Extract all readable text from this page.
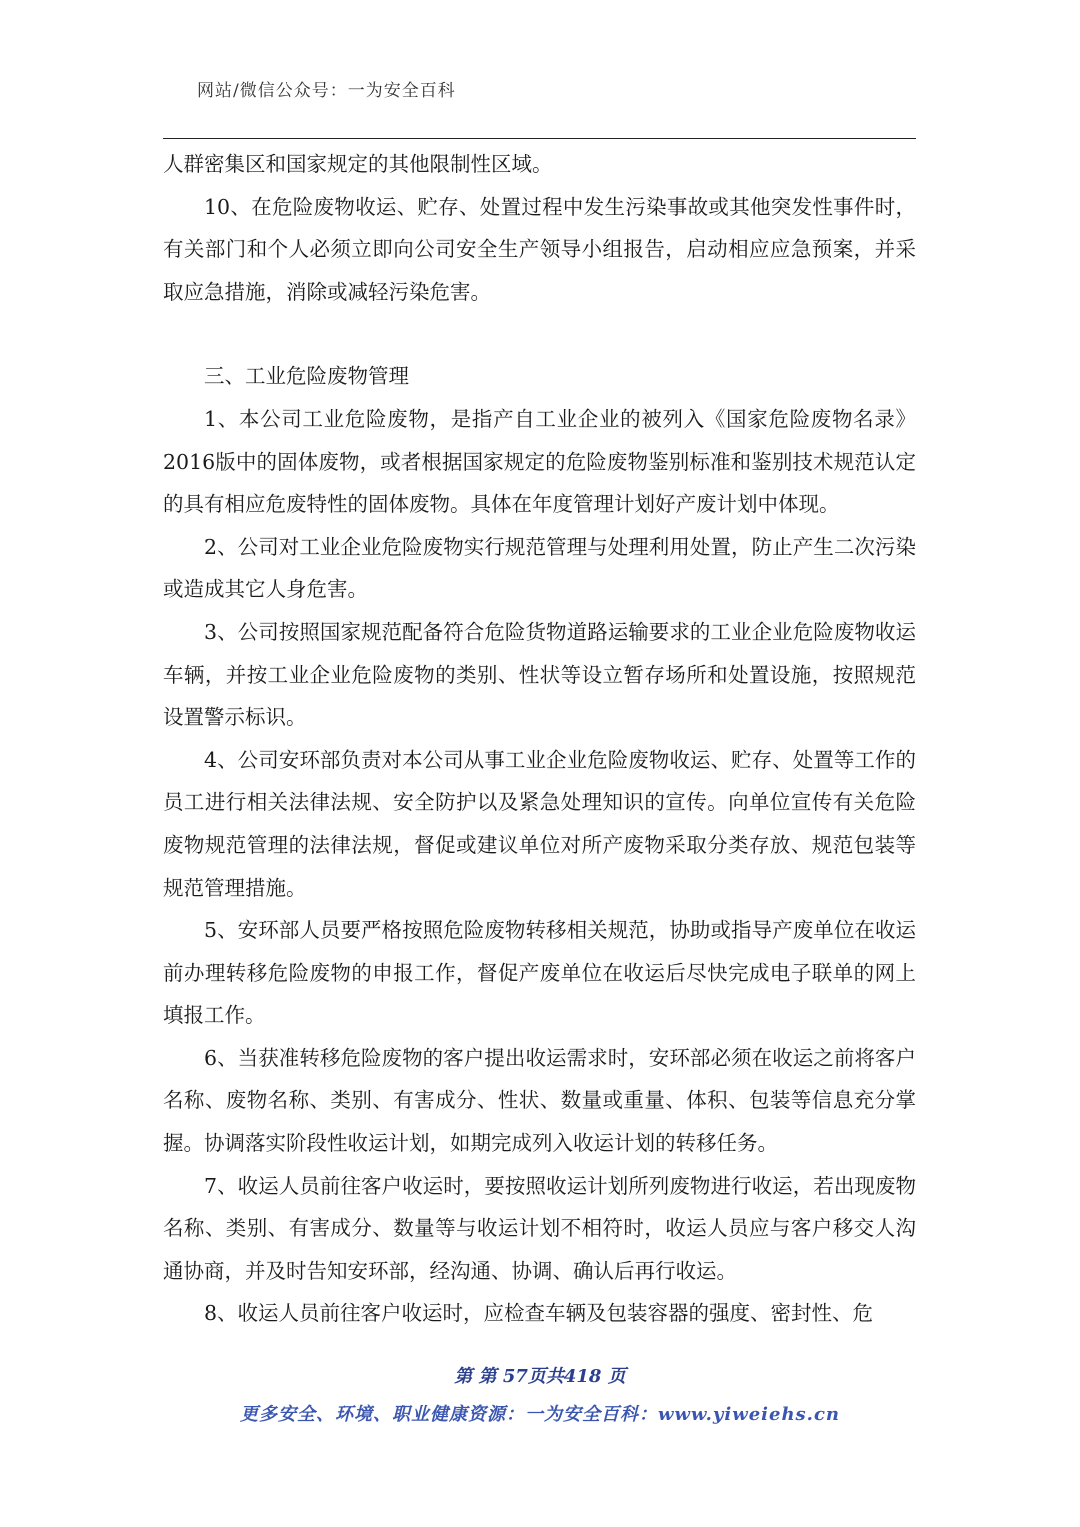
网站/微信公众号：一为安全百科

人群密集区和国家规定的其他限制性区域。

10、在危险废物收运、贮存、处置过程中发生污染事故或其他突发性事件时，有关部门和个人必须立即向公司安全生产领导小组报告，启动相应应急预案，并采取应急措施，消除或减轻污染危害。

三、工业危险废物管理

1、本公司工业危险废物，是指产自工业企业的被列入《国家危险废物名录》2016版中的固体废物，或者根据国家规定的危险废物鉴别标准和鉴别技术规范认定的具有相应危废特性的固体废物。具体在年度管理计划好产废计划中体现。

2、公司对工业企业危险废物实行规范管理与处理利用处置，防止产生二次污染或造成其它人身危害。

3、公司按照国家规范配备符合危险货物道路运输要求的工业企业危险废物收运车辆，并按工业企业危险废物的类别、性状等设立暂存场所和处置设施，按照规范设置警示标识。

4、公司安环部负责对本公司从事工业企业危险废物收运、贮存、处置等工作的员工进行相关法律法规、安全防护以及紧急处理知识的宣传。向单位宣传有关危险废物规范管理的法律法规，督促或建议单位对所产废物采取分类存放、规范包装等规范管理措施。

5、安环部人员要严格按照危险废物转移相关规范，协助或指导产废单位在收运前办理转移危险废物的申报工作，督促产废单位在收运后尽快完成电子联单的网上填报工作。

6、当获准转移危险废物的客户提出收运需求时，安环部必须在收运之前将客户名称、废物名称、类别、有害成分、性状、数量或重量、体积、包装等信息充分掌握。协调落实阶段性收运计划，如期完成列入收运计划的转移任务。

7、收运人员前往客户收运时，要按照收运计划所列废物进行收运，若出现废物名称、类别、有害成分、数量等与收运计划不相符时，收运人员应与客户移交人沟通协商，并及时告知安环部，经沟通、协调、确认后再行收运。

8、收运人员前往客户收运时，应检查车辆及包装容器的强度、密封性、危

第 第 57页共418 页
更多安全、环境、职业健康资源：一为安全百科：www.yiweiehs.cn
